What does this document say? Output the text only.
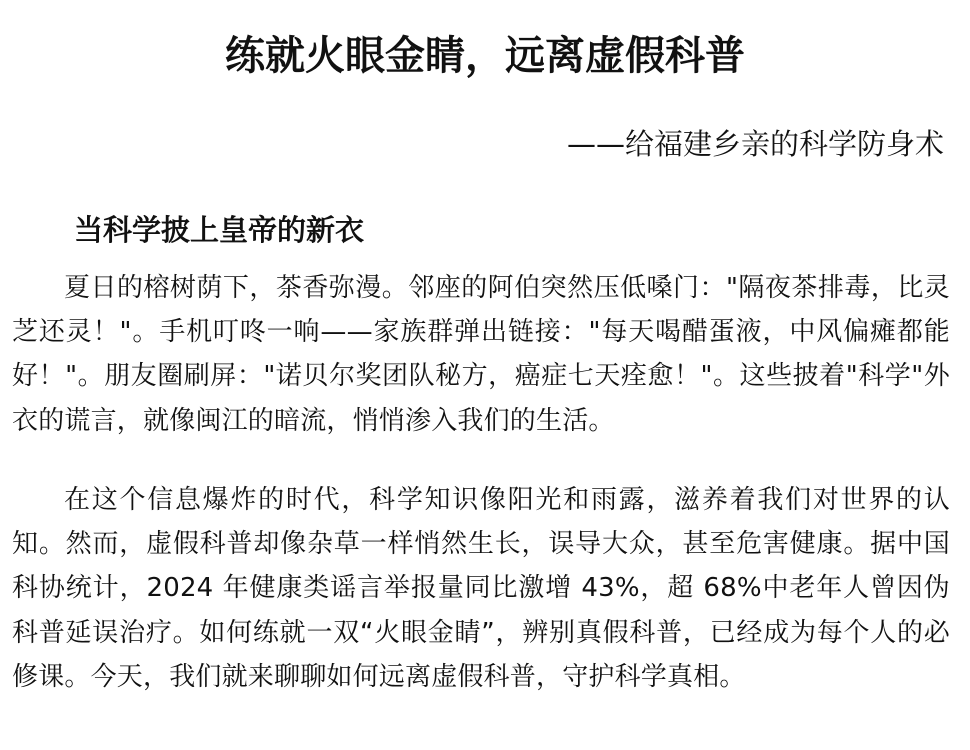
练就火眼金睛，远离虚假科普

——给福建乡亲的科学防身术

当科学披上皇帝的新衣

夏日的榕树荫下，茶香弥漫。邻座的阿伯突然压低嗓门："隔夜茶排毒，比灵芝还灵！"。手机叮咚一响——家族群弹出链接："每天喝醋蛋液，中风偏瘫都能好！"。朋友圈刷屏："诺贝尔奖团队秘方，癌症七天痊愈！"。这些披着"科学"外衣的谎言，就像闽江的暗流，悄悄渗入我们的生活。

在这个信息爆炸的时代，科学知识像阳光和雨露，滋养着我们对世界的认知。然而，虚假科普却像杂草一样悄然生长，误导大众，甚至危害健康。据中国科协统计，2024 年健康类谣言举报量同比激增 43%，超 68%中老年人曾因伪科普延误治疗。如何练就一双“火眼金睛”，辨别真假科普，已经成为每个人的必修课。今天，我们就来聊聊如何远离虚假科普，守护科学真相。
